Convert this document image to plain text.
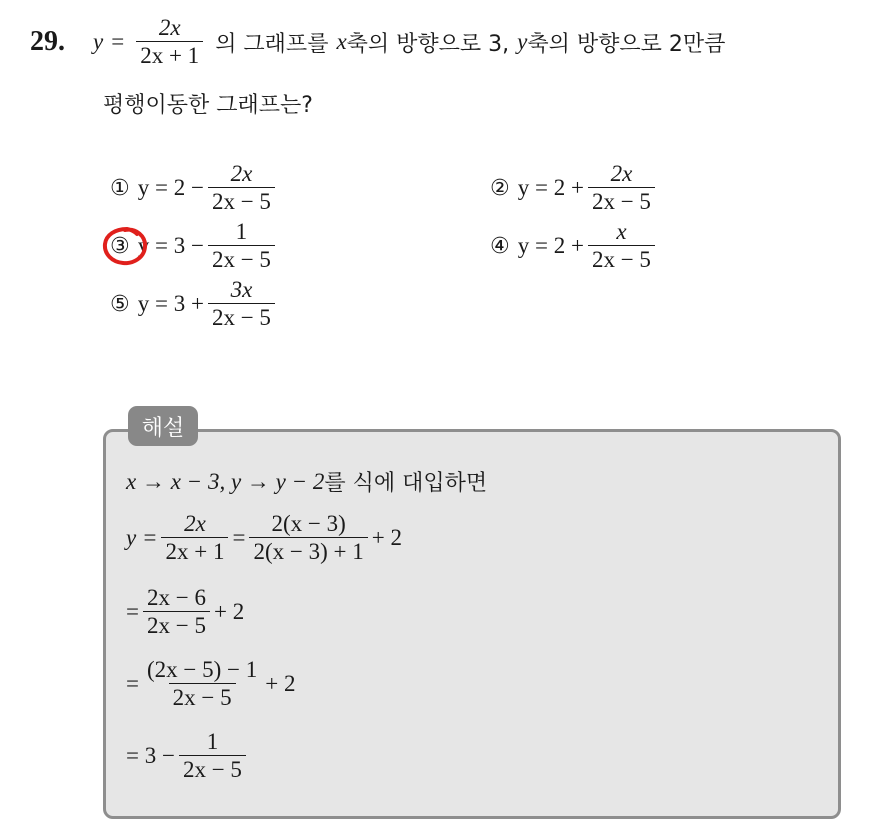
29. $y = \frac{2x}{2x + 1}$ 의 그래프를 x 축의 방향으로 3, y 축의 방향으로 2만큼
평행이동한 그래프는?
① $y = 2 - \frac{2x}{2x - 5}$	② $y = 2 + \frac{2x}{2x - 5}$
③ $y = 3 - \frac{1}{2x - 5}$	④ $y = 2 + \frac{x}{2x - 5}$
⑤ $y = 3 + \frac{3x}{2x - 5}$
해설
x → x − 3, y → y − 2 를 식에 대입하면
$y = \frac{2x}{2x + 1} = \frac{2(x - 3)}{2(x - 3) + 1} + 2$
= $\frac{2x - 6}{2x - 5} + 2$
= $\frac{(2x - 5) - 1}{2x - 5} + 2$
= $3 - \frac{1}{2x - 5}$
